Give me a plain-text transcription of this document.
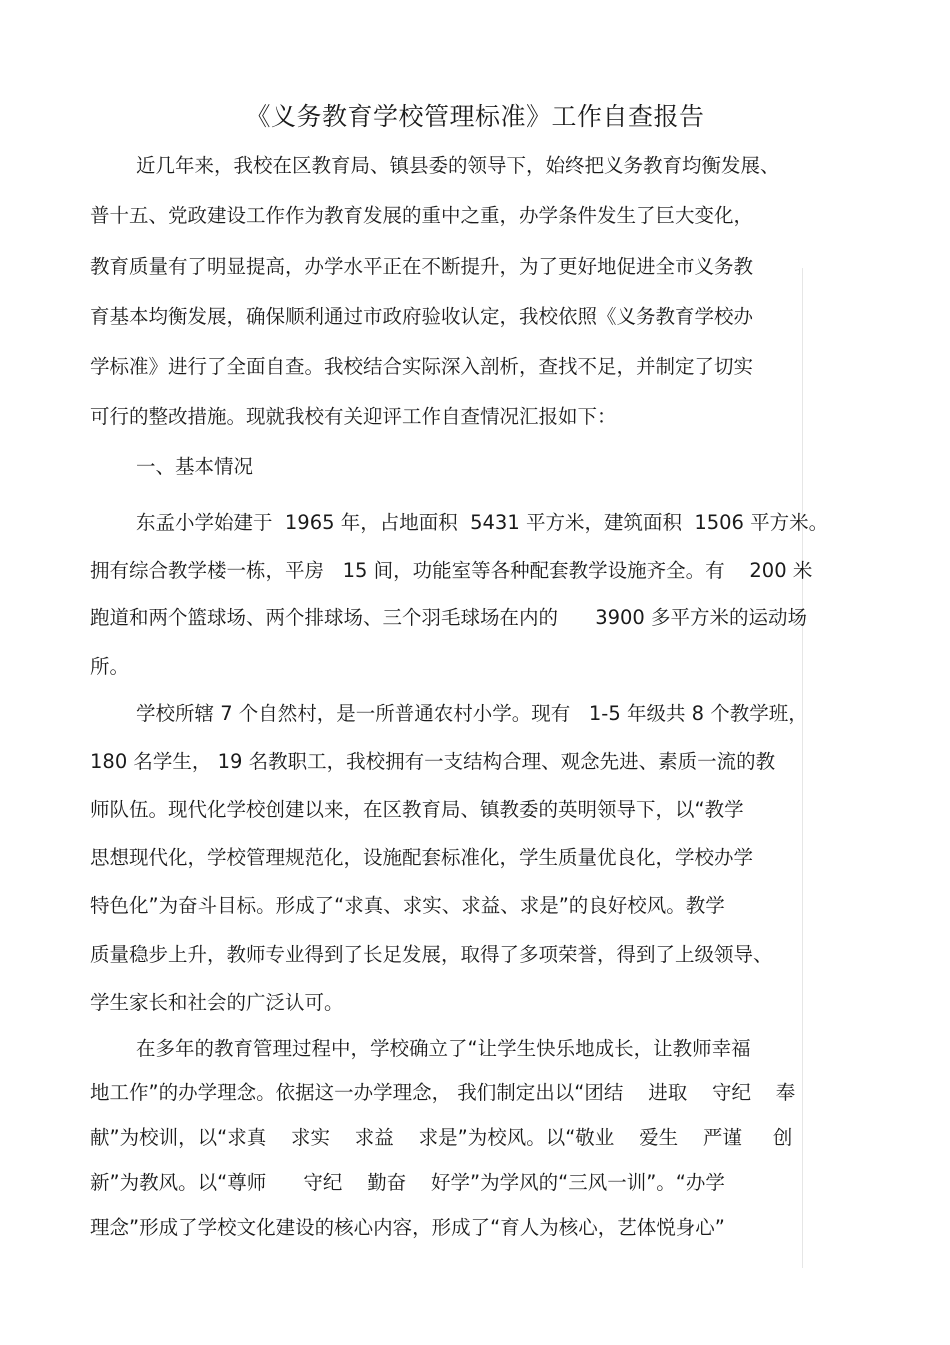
《义务教育学校管理标准》工作自查报告
近几年来，我校在区教育局、镇县委的领导下，始终把义务教育均衡发展、
普十五、党政建设工作作为教育发展的重中之重，办学条件发生了巨大变化，
教育质量有了明显提高，办学水平正在不断提升，为了更好地促进全市义务教
育基本均衡发展，确保顺利通过市政府验收认定，我校依照《义务教育学校办
学标准》进行了全面自查。我校结合实际深入剖析，查找不足，并制定了切实
可行的整改措施。现就我校有关迎评工作自查情况汇报如下：
一、基本情况
东孟小学始建于  1965 年，占地面积  5431 平方米，建筑面积  1506 平方米。
拥有综合教学楼一栋，平房   15 间，功能室等各种配套教学设施齐全。有    200 米
跑道和两个篮球场、两个排球场、三个羽毛球场在内的      3900 多平方米的运动场
所。
学校所辖 7 个自然村，是一所普通农村小学。现有   1-5 年级共 8 个教学班，
180 名学生， 19 名教职工，我校拥有一支结构合理、观念先进、素质一流的教
师队伍。现代化学校创建以来，在区教育局、镇教委的英明领导下，以“教学
思想现代化，学校管理规范化，设施配套标准化，学生质量优良化，学校办学
特色化”为奋斗目标。形成了“求真、求实、求益、求是”的良好校风。教学
质量稳步上升，教师专业得到了长足发展，取得了多项荣誉，得到了上级领导、
学生家长和社会的广泛认可。
在多年的教育管理过程中，学校确立了“让学生快乐地成长，让教师幸福
地工作”的办学理念。依据这一办学理念， 我们制定出以“团结    进取    守纪    奉
献”为校训，以“求真    求实    求益    求是”为校风。以“敬业    爱生    严谨     创
新”为教风。以“尊师      守纪    勤奋    好学”为学风的“三风一训”。“办学
理念”形成了学校文化建设的核心内容，形成了“育人为核心，艺体悦身心”
